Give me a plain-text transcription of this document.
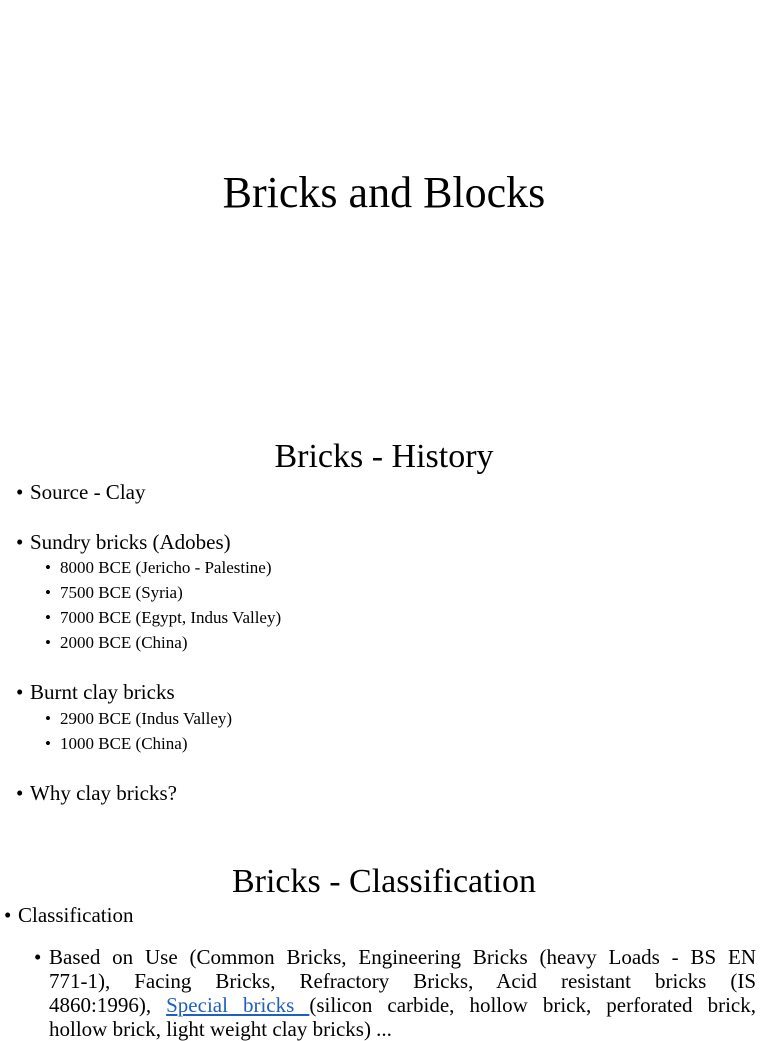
Bricks and Blocks
Bricks - History
• Source - Clay
• Sundry bricks (Adobes)
• 8000 BCE (Jericho - Palestine)
• 7500 BCE (Syria)
• 7000 BCE (Egypt, Indus Valley)
• 2000 BCE (China)
• Burnt clay bricks
• 2900 BCE (Indus Valley)
• 1000 BCE (China)
• Why clay bricks?
Bricks - Classification
• Classification
• Based on Use (Common Bricks, Engineering Bricks (heavy Loads - BS EN
771-1), Facing Bricks, Refractory Bricks, Acid resistant bricks (IS
4860:1996), Special bricks (silicon carbide, hollow brick, perforated brick,
hollow brick, light weight clay bricks) ...
